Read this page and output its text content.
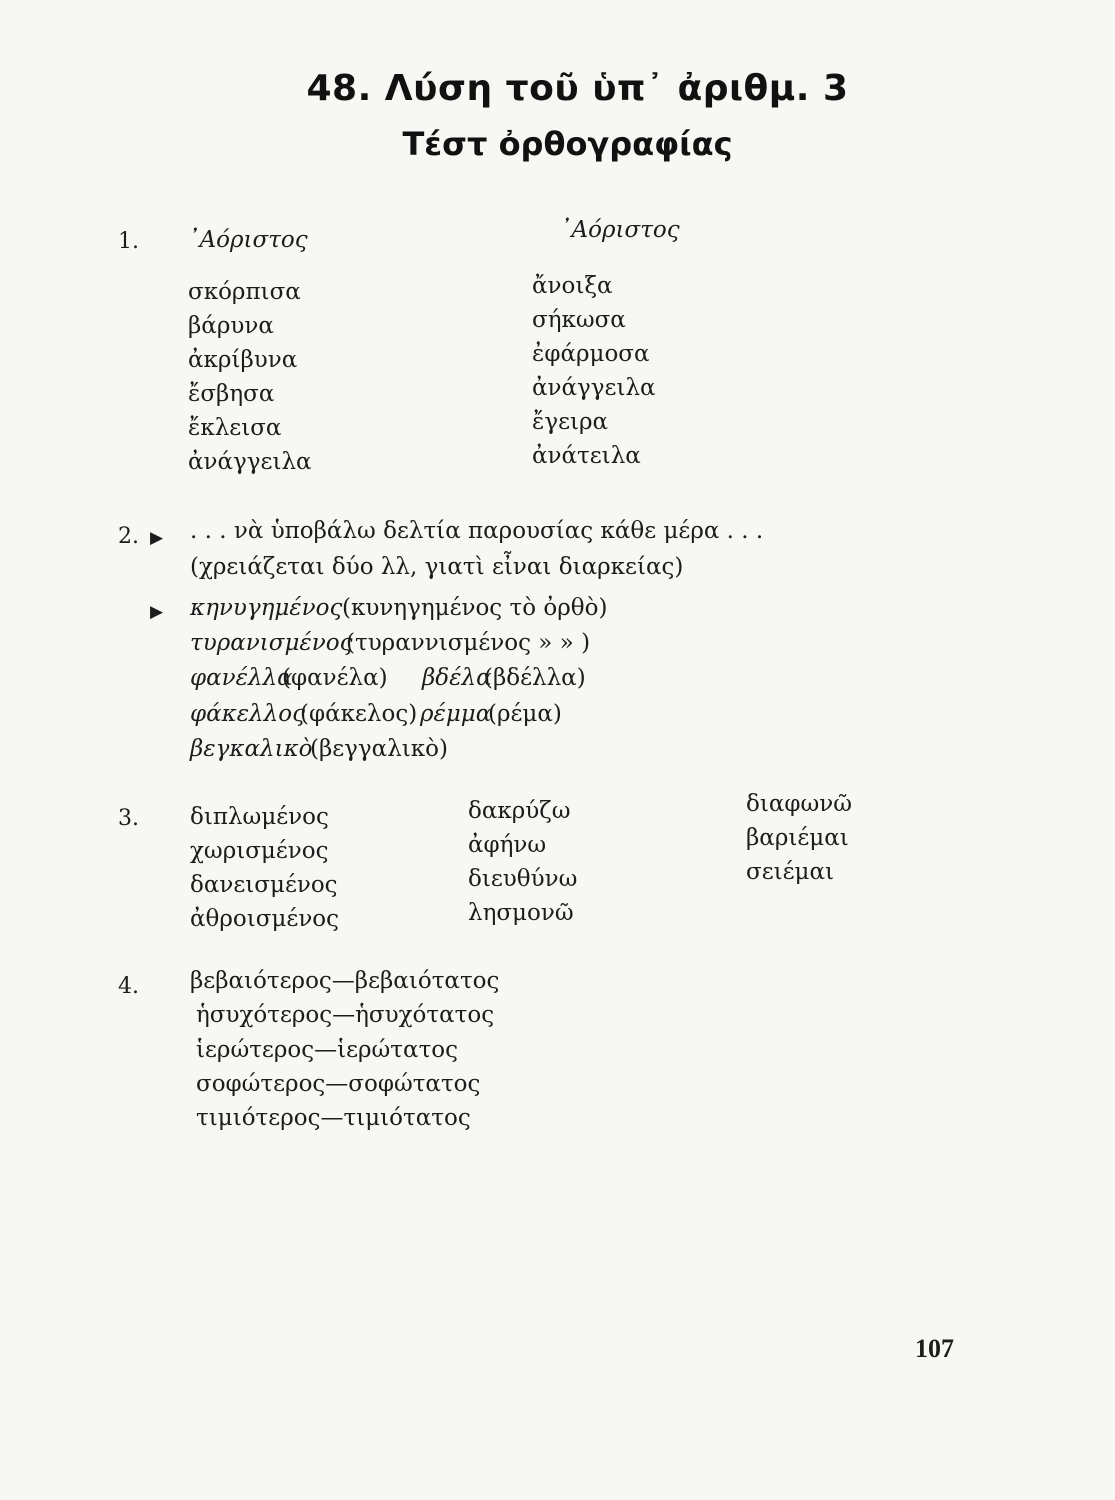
48. Λύση τοῦ ὑπ᾽ ἀριθμ. 3
Τέστ ὀρθογραφίας
1. ᾽Αόριστος	᾽Αόριστος
σκόρπισα
βάρυνα
ἀκρίβυνα
ἔσβησα
ἔκλεισα
ἀνάγγειλα
ἄνοιξα
σήκωσα
ἐφάρμοσα
ἀνάγγειλα
ἔγειρα
ἀνάτειλα
2. ▶ . . . νὰ ὑποβάλω δελτία παρουσίας κάθε μέρα . . .
(χρειάζεται δύο λλ, γιατὶ εἶναι διαρκείας)
▶ κηνυγημένος (κυνηγημένος τὸ ὀρθὸ)
τυρανισμένος
(τυραννισμένος » » )
φανέλλα
(φανέλα) βδέλα
(βδέλλα)
φάκελλος
(φάκελος) ρέμμα
(ρέμα)
βεγκαλικὸ
(βεγγαλικὸ)
3. διπλωμένος
χωρισμένος
δανεισμένος
ἀθροισμένος
δακρύζω
ἀφήνω
διευθύνω
λησμονῶ
διαφωνῶ
βαριέμαι
σειέμαι
4. βεβαιότερος—βεβαιότατος
ἡσυχότερος—ἡσυχότατος
ἱερώτερος—ἱερώτατος
σοφώτερος—σοφώτατος
τιμιότερος—τιμιότατος
107
